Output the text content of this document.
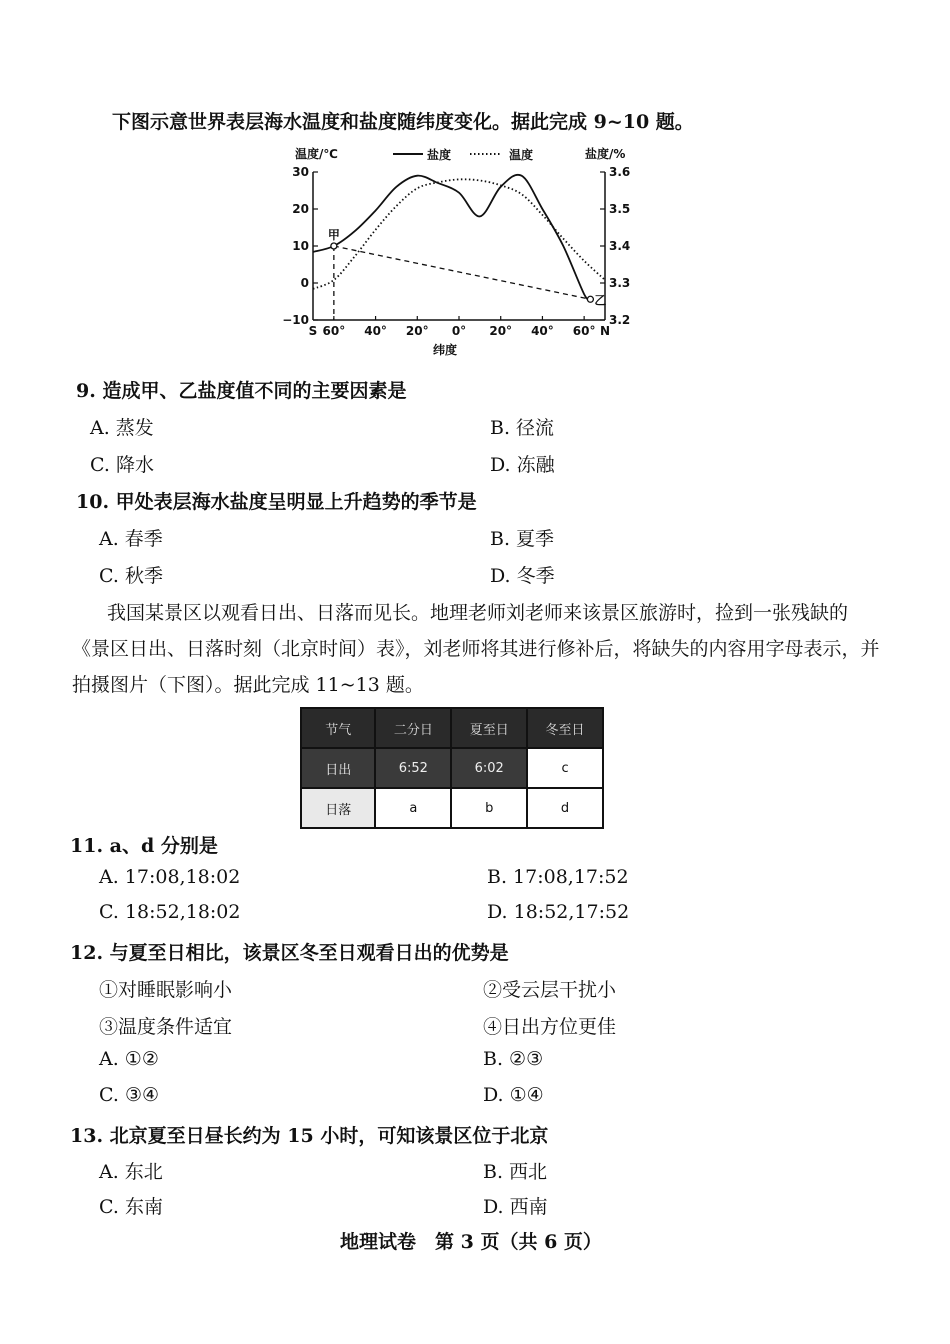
下图示意世界表层海水温度和盐度随纬度变化。据此完成 9~10 题。
温度/℃	盐度/%
盐度	温度
30
20
10
0
−10
3.6
3.5
3.4
3.3
3.2
S 60° 40° 20° 0° 20° 40° 60° N
甲
乙
纬度
9. 造成甲、乙盐度值不同的主要因素是
A. 蒸发	B. 径流
C. 降水	D. 冻融
10. 甲处表层海水盐度呈明显上升趋势的季节是
A. 春季	B. 夏季
C. 秋季	D. 冬季
我国某景区以观看日出、日落而见长。地理老师刘老师来该景区旅游时，捡到一张残缺的
《景区日出、日落时刻（北京时间）表》，刘老师将其进行修补后，将缺失的内容用字母表示，并
拍摄图片（下图）。据此完成 11~13 题。
节气	二分日	夏至日	冬至日
日出	6:52	6:02	c
日落	a	b	d
11. a、d 分别是
A. 17:08,18:02	B. 17:08,17:52
C. 18:52,18:02	D. 18:52,17:52
12. 与夏至日相比，该景区冬至日观看日出的优势是
①对睡眠影响小	②受云层干扰小
③温度条件适宜	④日出方位更佳
A. ①②	B. ②③
C. ③④	D. ①④
13. 北京夏至日昼长约为 15 小时，可知该景区位于北京
A. 东北	B. 西北
C. 东南	D. 西南
地理试卷　第 3 页（共 6 页）
